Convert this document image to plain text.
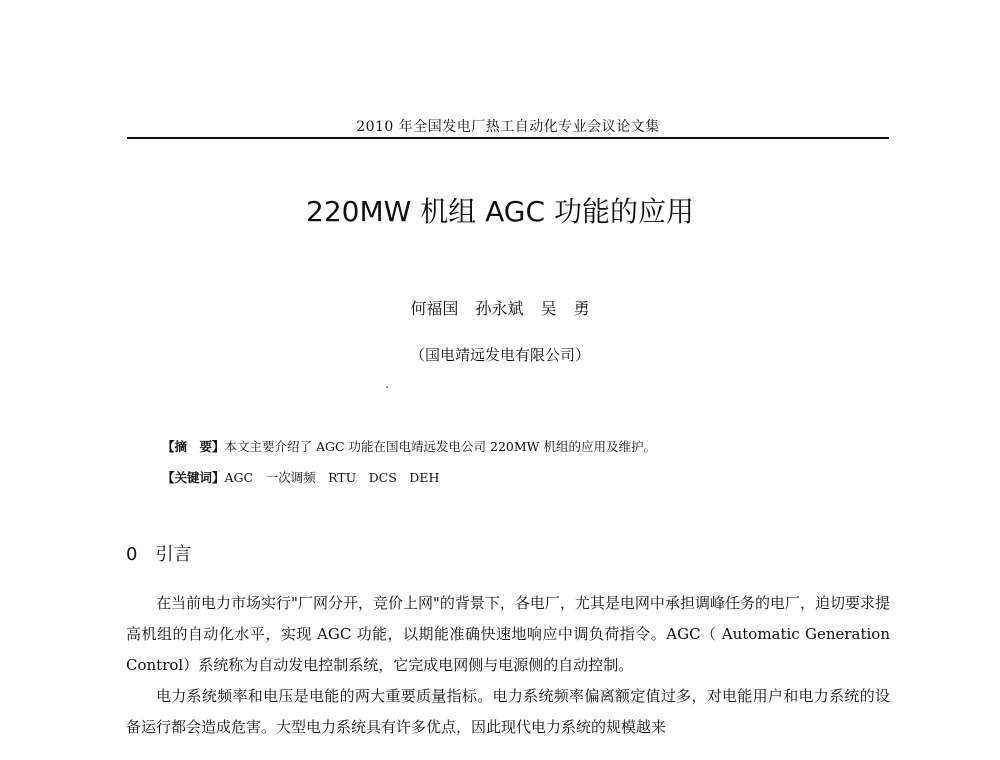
2010 年全国发电厂热工自动化专业会议论文集
220MW 机组 AGC 功能的应用
何福国 孙永斌 吴 勇
（国电靖远发电有限公司）
【摘　要】本文主要介绍了 AGC 功能在国电靖远发电公司 220MW 机组的应用及维护。
【关键词】AGC　一次调频　RTU　DCS　DEH
0 引言

在当前电力市场实行"厂网分开，竞价上网"的背景下，各电厂，尤其是电网中承担调峰任务的电厂，迫切要求提高机组的自动化水平，实现 AGC 功能，以期能准确快速地响应中调负荷指令。AGC（ Automatic Generation Control）系统称为自动发电控制系统，它完成电网侧与电源侧的自动控制。

电力系统频率和电压是电能的两大重要质量指标。电力系统频率偏离额定值过多，对电能用户和电力系统的设备运行都会造成危害。大型电力系统具有许多优点，因此现代电力系统的规模越来
